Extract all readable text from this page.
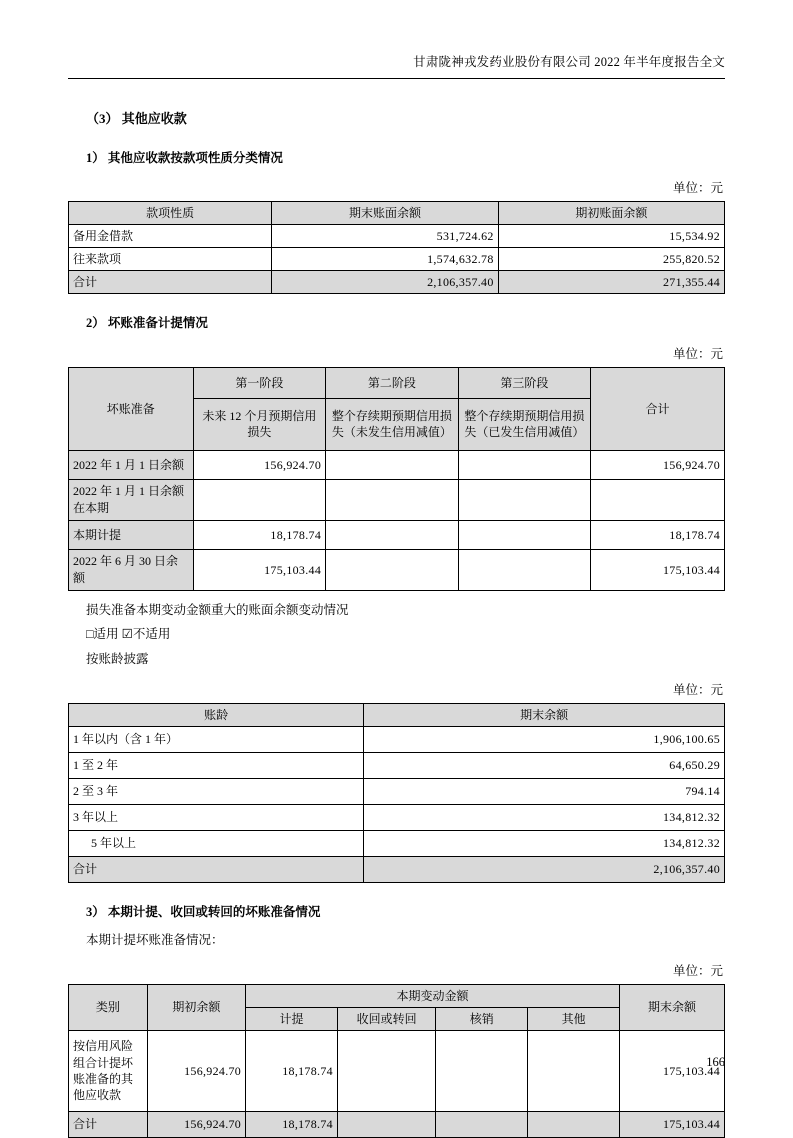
甘肃陇神戎发药业股份有限公司 2022 年半年度报告全文
（3） 其他应收款
1） 其他应收款按款项性质分类情况
单位：元
款项性质	期末账面余额	期初账面余额
备用金借款	531,724.62	15,534.92
往来款项	1,574,632.78	255,820.52
合计	2,106,357.40	271,355.44
2） 坏账准备计提情况
单位：元
坏账准备	第一阶段	第二阶段	第三阶段	合计
	未来 12 个月预期信用损失	整个存续期预期信用损失（未发生信用减值）	整个存续期预期信用损失（已发生信用减值）	
2022 年 1 月 1 日余额	156,924.70			156,924.70
2022 年 1 月 1 日余额在本期				
本期计提	18,178.74			18,178.74
2022 年 6 月 30 日余额	175,103.44			175,103.44
损失准备本期变动金额重大的账面余额变动情况
□适用 ☑不适用
按账龄披露
单位：元
账龄	期末余额
1 年以内（含 1 年）	1,906,100.65
1 至 2 年	64,650.29
2 至 3 年	794.14
3 年以上	134,812.32
5 年以上	134,812.32
合计	2,106,357.40
3） 本期计提、收回或转回的坏账准备情况
本期计提坏账准备情况：
单位：元
类别	期初余额	本期变动金额				期末余额
		计提	收回或转回	核销	其他	
按信用风险组合计提坏账准备的其他应收款	156,924.70	18,178.74				175,103.44
合计	156,924.70	18,178.74				175,103.44
166
